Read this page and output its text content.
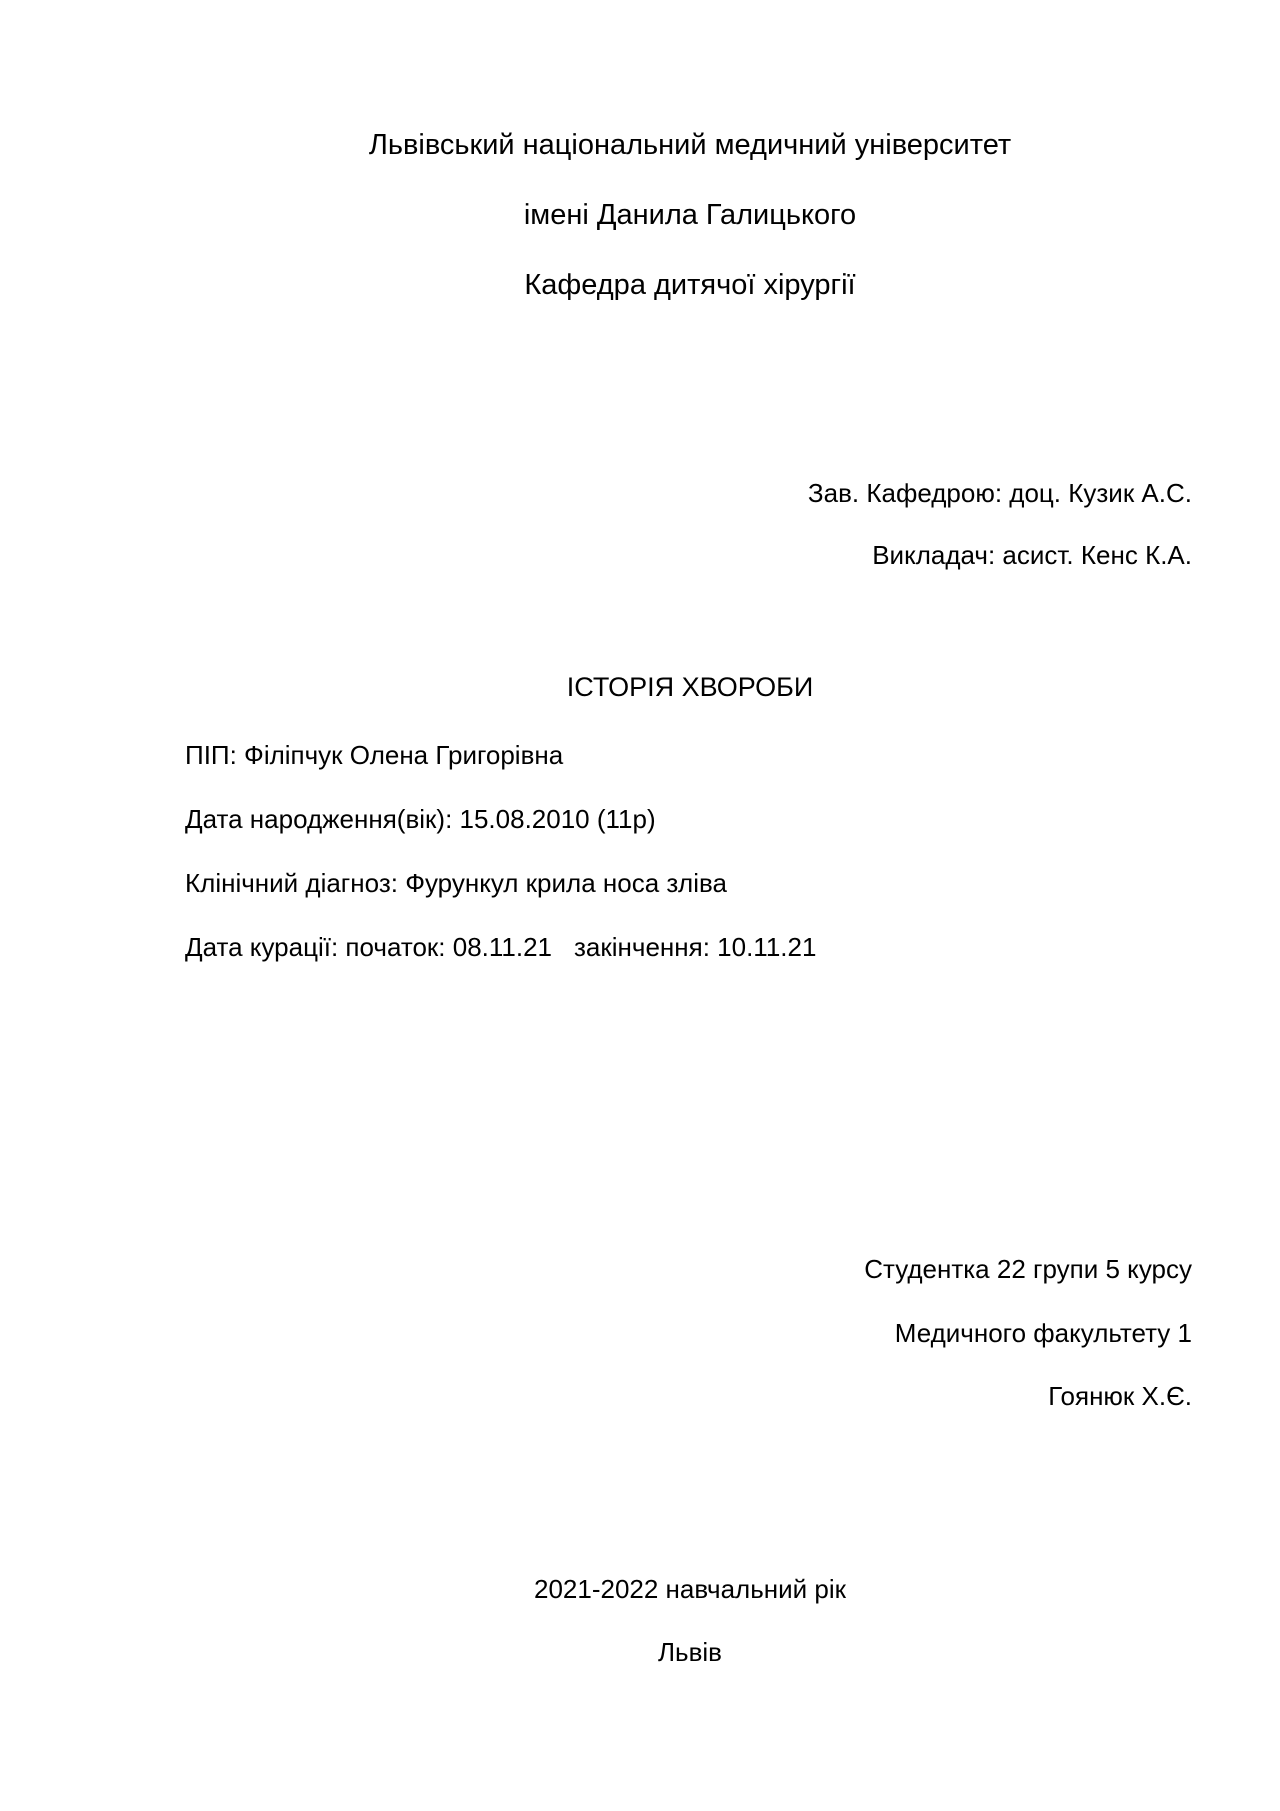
Львівський національний медичний університет
імені Данила Галицького
Кафедра дитячої хірургії
Зав. Кафедрою: доц. Кузик А.С.
Викладач: асист. Кенс К.А.
ІСТОРІЯ ХВОРОБИ
ПІП: Філіпчук Олена Григорівна
Дата народження(вік): 15.08.2010 (11р)
Клінічний діагноз: Фурункул крила носа зліва
Дата курації: початок: 08.11.21 закінчення: 10.11.21
Студентка 22 групи 5 курсу
Медичного факультету 1
Гоянюк Х.Є.
2021-2022 навчальний рік
Львів
